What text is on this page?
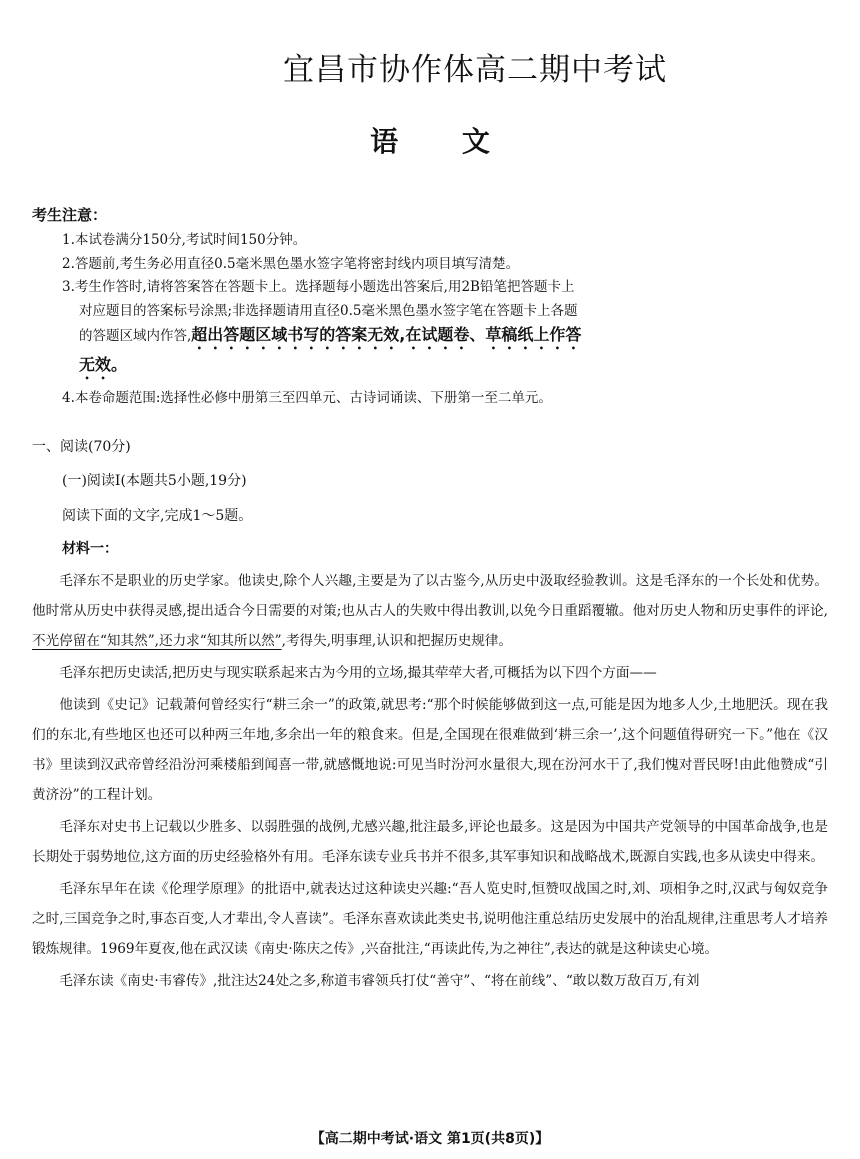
宜昌市协作体高二期中考试
语 文
考生注意：

1.本试卷满分150分,考试时间150分钟。

2.答题前,考生务必用直径0.5毫米黑色墨水签字笔将密封线内项目填写清楚。

3.考生作答时,请将答案答在答题卡上。选择题每小题选出答案后,用2B铅笔把答题卡上

对应题目的答案标号涂黑;非选择题请用直径0.5毫米黑色墨水签字笔在答题卡上各题

的答题区域内作答,超出答题区域书写的答案无效,在试题卷、草稿纸上作答

无效。

4.本卷命题范围:选择性必修中册第三至四单元、古诗词诵读、下册第一至二单元。

一、阅读(70分)
(一)阅读Ⅰ(本题共5小题,19分)
阅读下面的文字,完成1～5题。
材料一：

毛泽东不是职业的历史学家。他读史,除个人兴趣,主要是为了以古鉴今,从历史中汲取经验教训。这是毛泽东的一个长处和优势。他时常从历史中获得灵感,提出适合今日需要的对策;也从古人的失败中得出教训,以免今日重蹈覆辙。他对历史人物和历史事件的评论,不光停留在“知其然”,还力求“知其所以然”,考得失,明事理,认识和把握历史规律。

毛泽东把历史读活,把历史与现实联系起来古为今用的立场,撮其荦荦大者,可概括为以下四个方面——

他读到《史记》记载萧何曾经实行“耕三余一”的政策,就思考:“那个时候能够做到这一点,可能是因为地多人少,土地肥沃。现在我们的东北,有些地区也还可以种两三年地,多余出一年的粮食来。但是,全国现在很难做到‘耕三余一’,这个问题值得研究一下。”他在《汉书》里读到汉武帝曾经沿汾河乘楼船到闻喜一带,就感慨地说:可见当时汾河水量很大,现在汾河水干了,我们愧对晋民呀!由此他赞成“引黄济汾”的工程计划。

毛泽东对史书上记载以少胜多、以弱胜强的战例,尤感兴趣,批注最多,评论也最多。这是因为中国共产党领导的中国革命战争,也是长期处于弱势地位,这方面的历史经验格外有用。毛泽东读专业兵书并不很多,其军事知识和战略战术,既源自实践,也多从读史中得来。

毛泽东早年在读《伦理学原理》的批语中,就表达过这种读史兴趣:“吾人览史时,恒赞叹战国之时,刘、项相争之时,汉武与匈奴竞争之时,三国竞争之时,事态百变,人才辈出,令人喜读”。毛泽东喜欢读此类史书,说明他注重总结历史发展中的治乱规律,注重思考人才培养锻炼规律。1969年夏夜,他在武汉读《南史·陈庆之传》,兴奋批注,“再读此传,为之神往”,表达的就是这种读史心境。

毛泽东读《南史·韦睿传》,批注达24处之多,称道韦睿领兵打仗“善守”、“将在前线”、“敢以数万敌百万,有刘

【高二期中考试·语文 第1页(共8页)】
